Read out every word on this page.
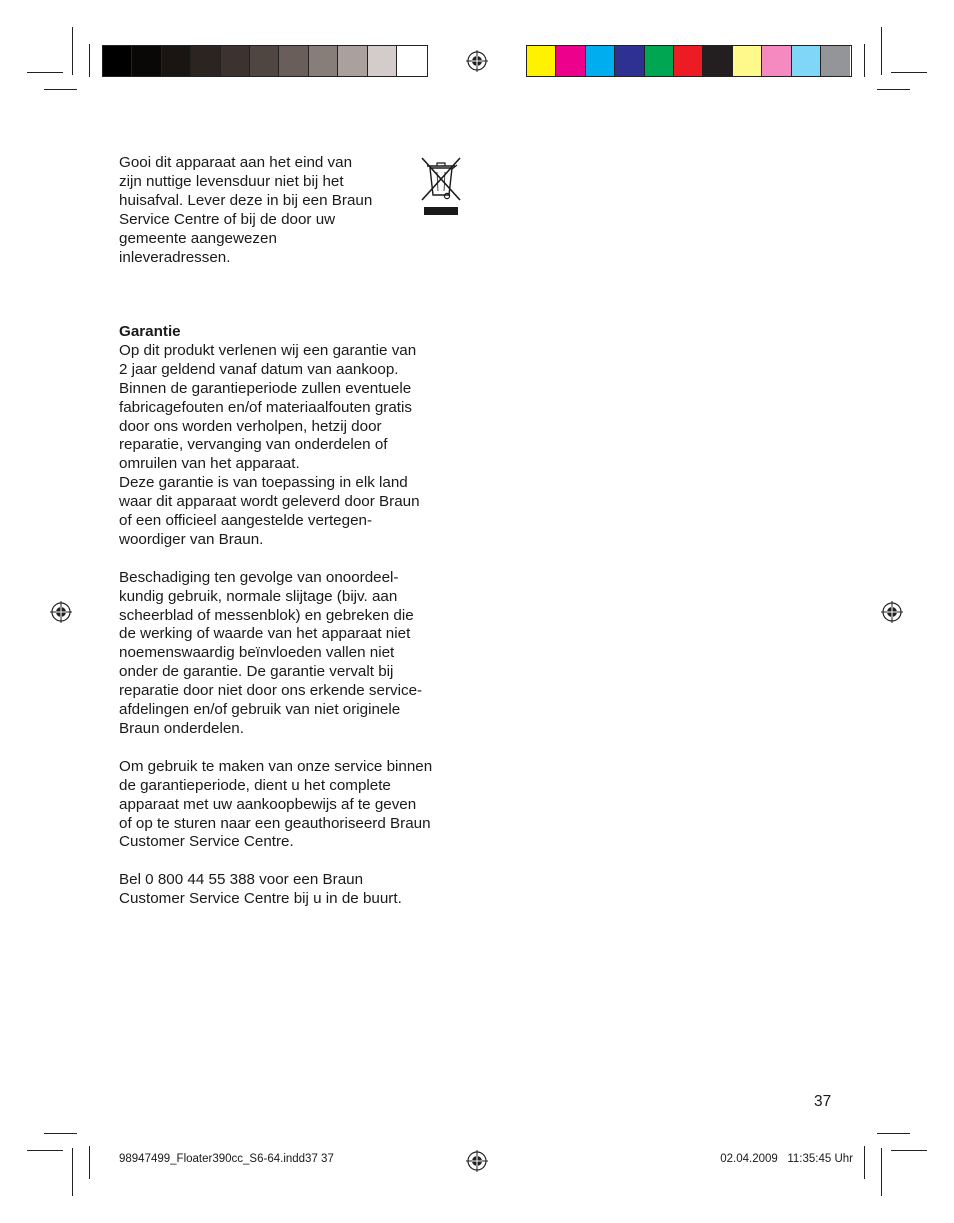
Gooi dit apparaat aan het eind van
zijn nuttige levensduur niet bij het
huisafval. Lever deze in bij een Braun
Service Centre of bij de door uw
gemeente aangewezen
inleveradressen.

Garantie

Op dit produkt verlenen wij een garantie van
2 jaar geldend vanaf datum van aankoop.
Binnen de garantieperiode zullen eventuele
fabricagefouten en/of materiaalfouten gratis
door ons worden verholpen, hetzij door
reparatie, vervanging van onderdelen of
omruilen van het apparaat.
Deze garantie is van toepassing in elk land
waar dit apparaat wordt geleverd door Braun
of een officieel aangestelde vertegen-
woordiger van Braun.

Beschadiging ten gevolge van onoordeel-
kundig gebruik, normale slijtage (bijv. aan
scheerblad of messenblok) en gebreken die
de werking of waarde van het apparaat niet
noemenswaardig beïnvloeden vallen niet
onder de garantie. De garantie vervalt bij
reparatie door niet door ons erkende service-
afdelingen en/of gebruik van niet originele
Braun onderdelen.

Om gebruik te maken van onze service binnen
de garantieperiode, dient u het complete
apparaat met uw aankoopbewijs af te geven
of op te sturen naar een geauthoriseerd Braun
Customer Service Centre.

Bel 0 800 44 55 388 voor een Braun
Customer Service Centre bij u in de buurt.

37
98947499_Floater390cc_S6-64.indd37 37	02.04.2009   11:35:45 Uhr
